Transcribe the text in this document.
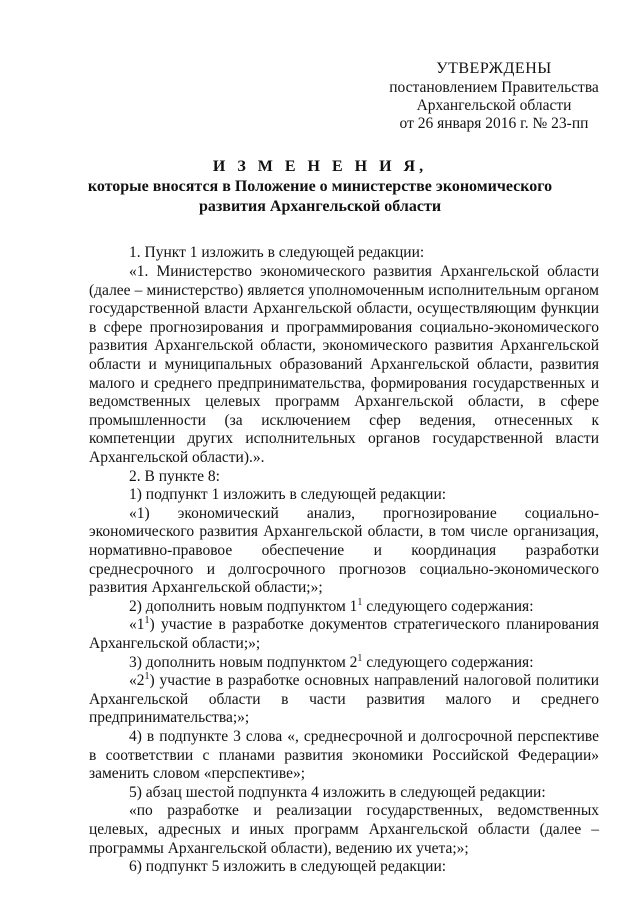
УТВЕРЖДЕНЫ
постановлением Правительства
Архангельской области
от 26 января 2016 г. № 23-пп
И З М Е Н Е Н И Я,
которые вносятся в Положение о министерстве экономического
развития Архангельской области

1. Пункт 1 изложить в следующей редакции:

«1. Министерство экономического развития Архангельской области (далее – министерство) является уполномоченным исполнительным органом государственной власти Архангельской области, осуществляющим функции в сфере прогнозирования и программирования социально-экономического развития Архангельской области, экономического развития Архангельской области и муниципальных образований Архангельской области, развития малого и среднего предпринимательства, формирования государственных и ведомственных целевых программ Архангельской области, в сфере промышленности (за исключением сфер ведения, отнесенных к компетенции других исполнительных органов государственной власти Архангельской области).».

2. В пункте 8:

1) подпункт 1 изложить в следующей редакции:

«1) экономический анализ, прогнозирование социально-экономического развития Архангельской области, в том числе организация, нормативно-правовое обеспечение и координация разработки среднесрочного и долгосрочного прогнозов социально-экономического развития Архангельской области;»;

2) дополнить новым подпунктом $1^1$ следующего содержания:

«$1^1$) участие в разработке документов стратегического планирования Архангельской области;»;

3) дополнить новым подпунктом $2^1$ следующего содержания:

«$2^1$) участие в разработке основных направлений налоговой политики Архангельской области в части развития малого и среднего предпринимательства;»;

4) в подпункте 3 слова «, среднесрочной и долгосрочной перспективе в соответствии с планами развития экономики Российской Федерации» заменить словом «перспективе»;

5) абзац шестой подпункта 4 изложить в следующей редакции:

«по разработке и реализации государственных, ведомственных целевых, адресных и иных программ Архангельской области (далее – программы Архангельской области), ведению их учета;»;

6) подпункт 5 изложить в следующей редакции:
